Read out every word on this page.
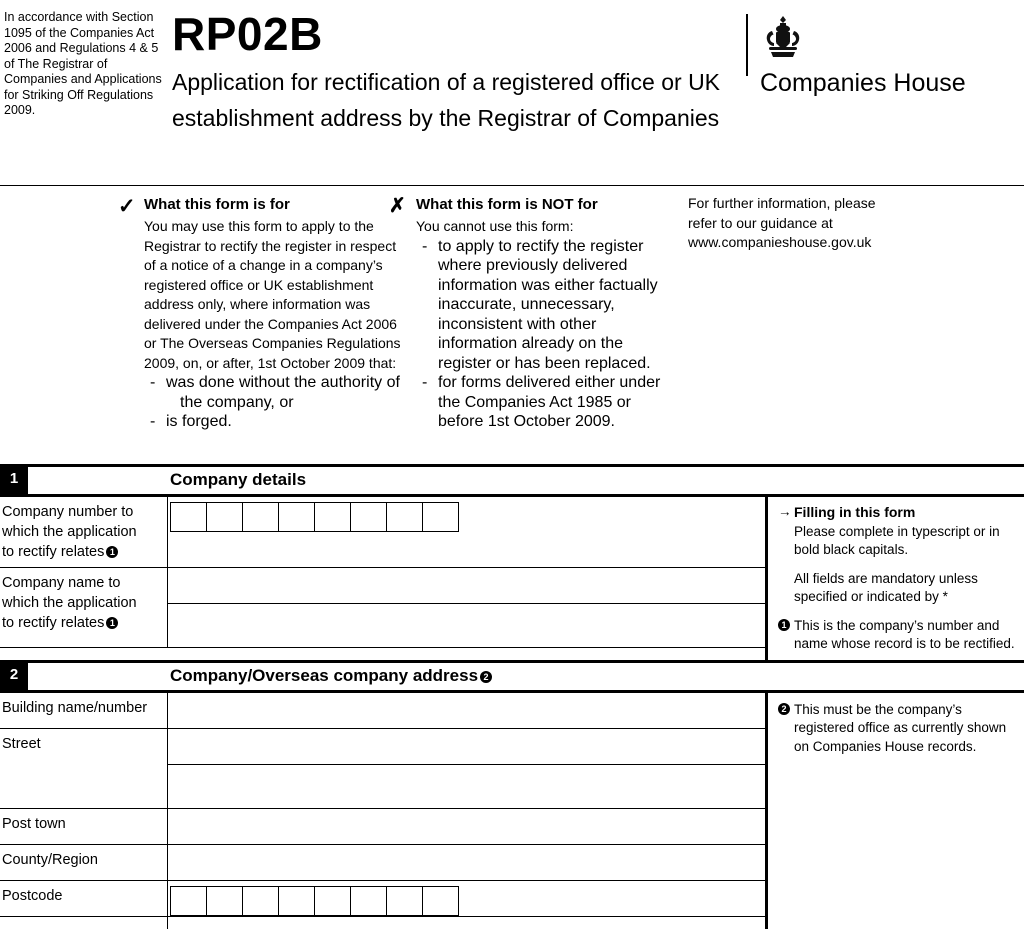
In accordance with Section 1095 of the Companies Act 2006 and Regulations 4 & 5 of The Registrar of Companies and Applications for Striking Off Regulations 2009.
RP02B
Application for rectification of a registered office or UK establishment address by the Registrar of Companies
Companies House
✓ What this form is for
You may use this form to apply to the Registrar to rectify the register in respect of a notice of a change in a company’s registered office or UK establishment address only, where information was delivered under the Companies Act 2006 or The Overseas Companies Regulations 2009, on, or after, 1st October 2009 that:
- was done without the authority of
the company, or
- is forged.
✗ What this form is NOT for
You cannot use this form:
- to apply to rectify the register where previously delivered information was either factually inaccurate, unnecessary, inconsistent with other information already on the register or has been replaced.
- for forms delivered either under the Companies Act 1985 or before 1st October 2009.
For further information, please
refer to our guidance at
www.companieshouse.gov.uk
1	Company details
Company number to
which the application
to rectify relates 1
Company name to
which the application
to rectify relates 1
→ Filling in this form
Please complete in typescript or in bold black capitals.
All fields are mandatory unless specified or indicated by *
1 This is the company’s number and name whose record is to be rectified.
2	Company/Overseas company address 2
Building name/number
Street
Post town
County/Region
Postcode
2 This must be the company’s registered office as currently shown on Companies House records.
